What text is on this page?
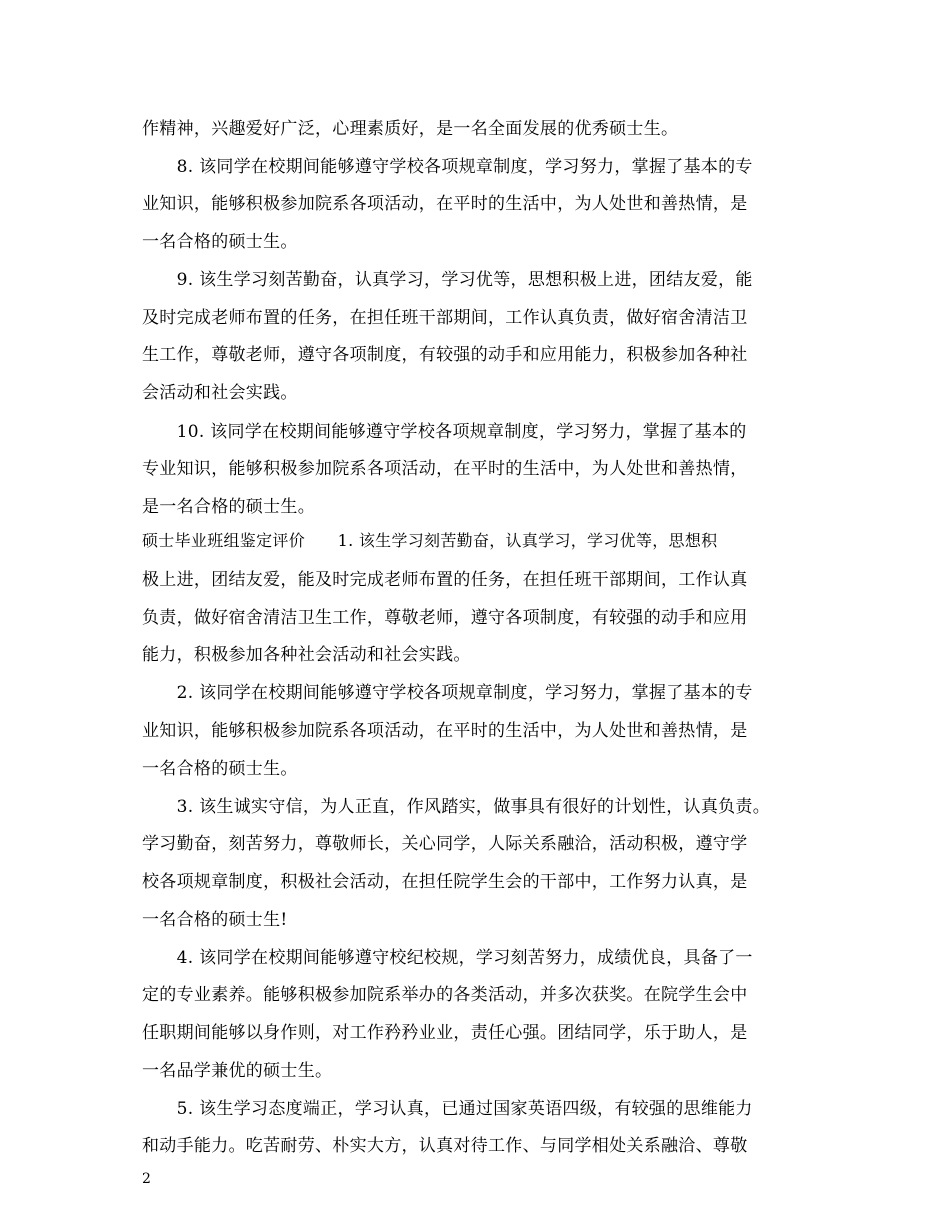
作精神，兴趣爱好广泛，心理素质好，是一名全面发展的优秀硕士生。
　　8. 该同学在校期间能够遵守学校各项规章制度，学习努力，掌握了基本的专
业知识，能够积极参加院系各项活动，在平时的生活中，为人处世和善热情，是
一名合格的硕士生。
　　9. 该生学习刻苦勤奋，认真学习，学习优等，思想积极上进，团结友爱，能
及时完成老师布置的任务，在担任班干部期间，工作认真负责，做好宿舍清洁卫
生工作，尊敬老师，遵守各项制度，有较强的动手和应用能力，积极参加各种社
会活动和社会实践。
　　10. 该同学在校期间能够遵守学校各项规章制度，学习努力，掌握了基本的
专业知识，能够积极参加院系各项活动，在平时的生活中，为人处世和善热情，
是一名合格的硕士生。
硕士毕业班组鉴定评价　　1. 该生学习刻苦勤奋，认真学习，学习优等，思想积
极上进，团结友爱，能及时完成老师布置的任务，在担任班干部期间，工作认真
负责，做好宿舍清洁卫生工作，尊敬老师，遵守各项制度，有较强的动手和应用
能力，积极参加各种社会活动和社会实践。
　　2. 该同学在校期间能够遵守学校各项规章制度，学习努力，掌握了基本的专
业知识，能够积极参加院系各项活动，在平时的生活中，为人处世和善热情，是
一名合格的硕士生。
　　3. 该生诚实守信，为人正直，作风踏实，做事具有很好的计划性，认真负责。
学习勤奋，刻苦努力，尊敬师长，关心同学，人际关系融洽，活动积极，遵守学
校各项规章制度，积极社会活动，在担任院学生会的干部中，工作努力认真，是
一名合格的硕士生!
　　4. 该同学在校期间能够遵守校纪校规，学习刻苦努力，成绩优良，具备了一
定的专业素养。能够积极参加院系举办的各类活动，并多次获奖。在院学生会中
任职期间能够以身作则，对工作矜矜业业，责任心强。团结同学，乐于助人，是
一名品学兼优的硕士生。
　　5. 该生学习态度端正，学习认真，已通过国家英语四级，有较强的思维能力
和动手能力。吃苦耐劳、朴实大方，认真对待工作、与同学相处关系融洽、尊敬
2
